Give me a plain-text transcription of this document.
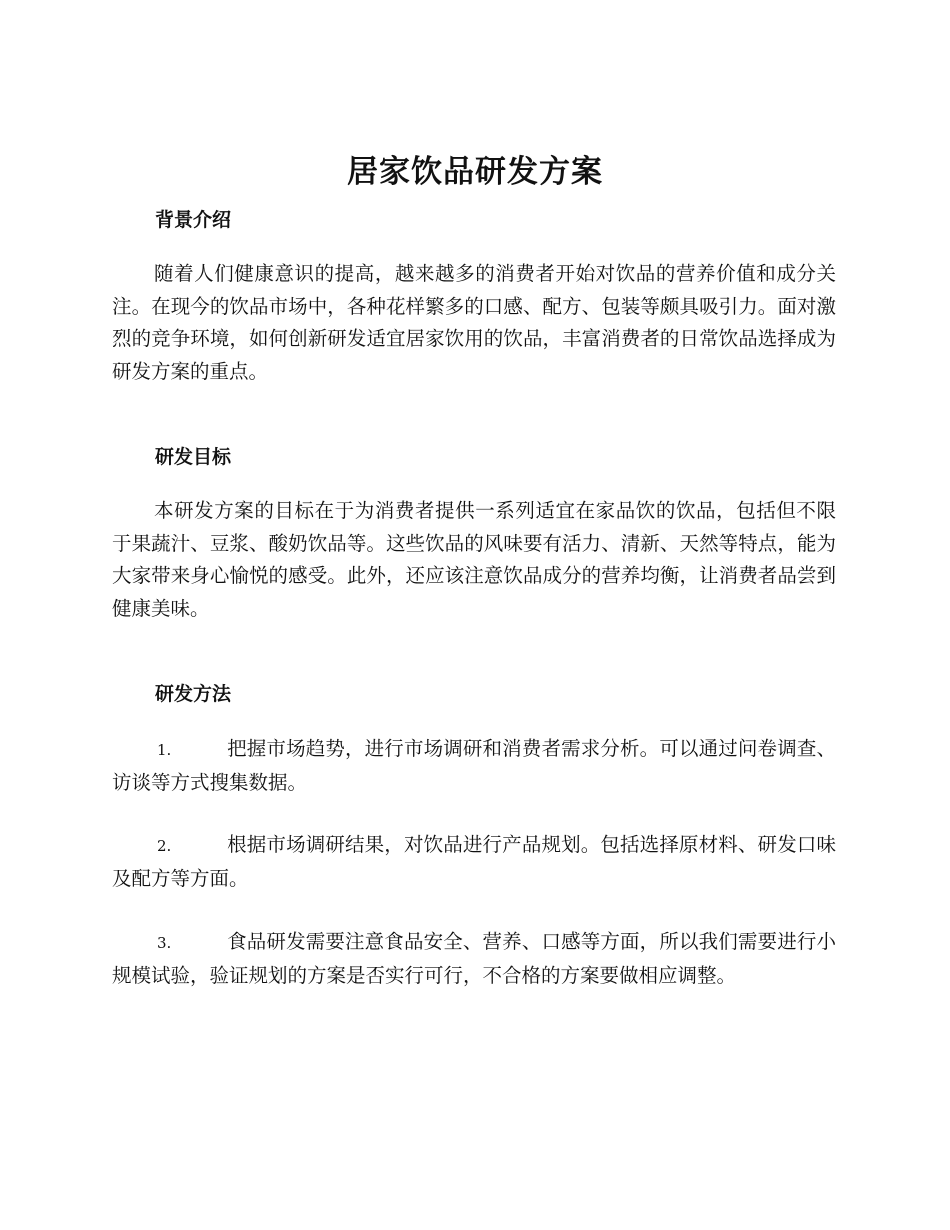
居家饮品研发方案
背景介绍

随着人们健康意识的提高，越来越多的消费者开始对饮品的营养价值和成分关注。在现今的饮品市场中，各种花样繁多的口感、配方、包装等颇具吸引力。面对激烈的竞争环境，如何创新研发适宜居家饮用的饮品，丰富消费者的日常饮品选择成为研发方案的重点。

研发目标

本研发方案的目标在于为消费者提供一系列适宜在家品饮的饮品，包括但不限于果蔬汁、豆浆、酸奶饮品等。这些饮品的风味要有活力、清新、天然等特点，能为大家带来身心愉悦的感受。此外，还应该注意饮品成分的营养均衡，让消费者品尝到健康美味。

研发方法

1.	把握市场趋势，进行市场调研和消费者需求分析。可以通过问卷调查、访谈等方式搜集数据。

2.	根据市场调研结果，对饮品进行产品规划。包括选择原材料、研发口味及配方等方面。

3.	食品研发需要注意食品安全、营养、口感等方面，所以我们需要进行小规模试验，验证规划的方案是否实行可行，不合格的方案要做相应调整。
